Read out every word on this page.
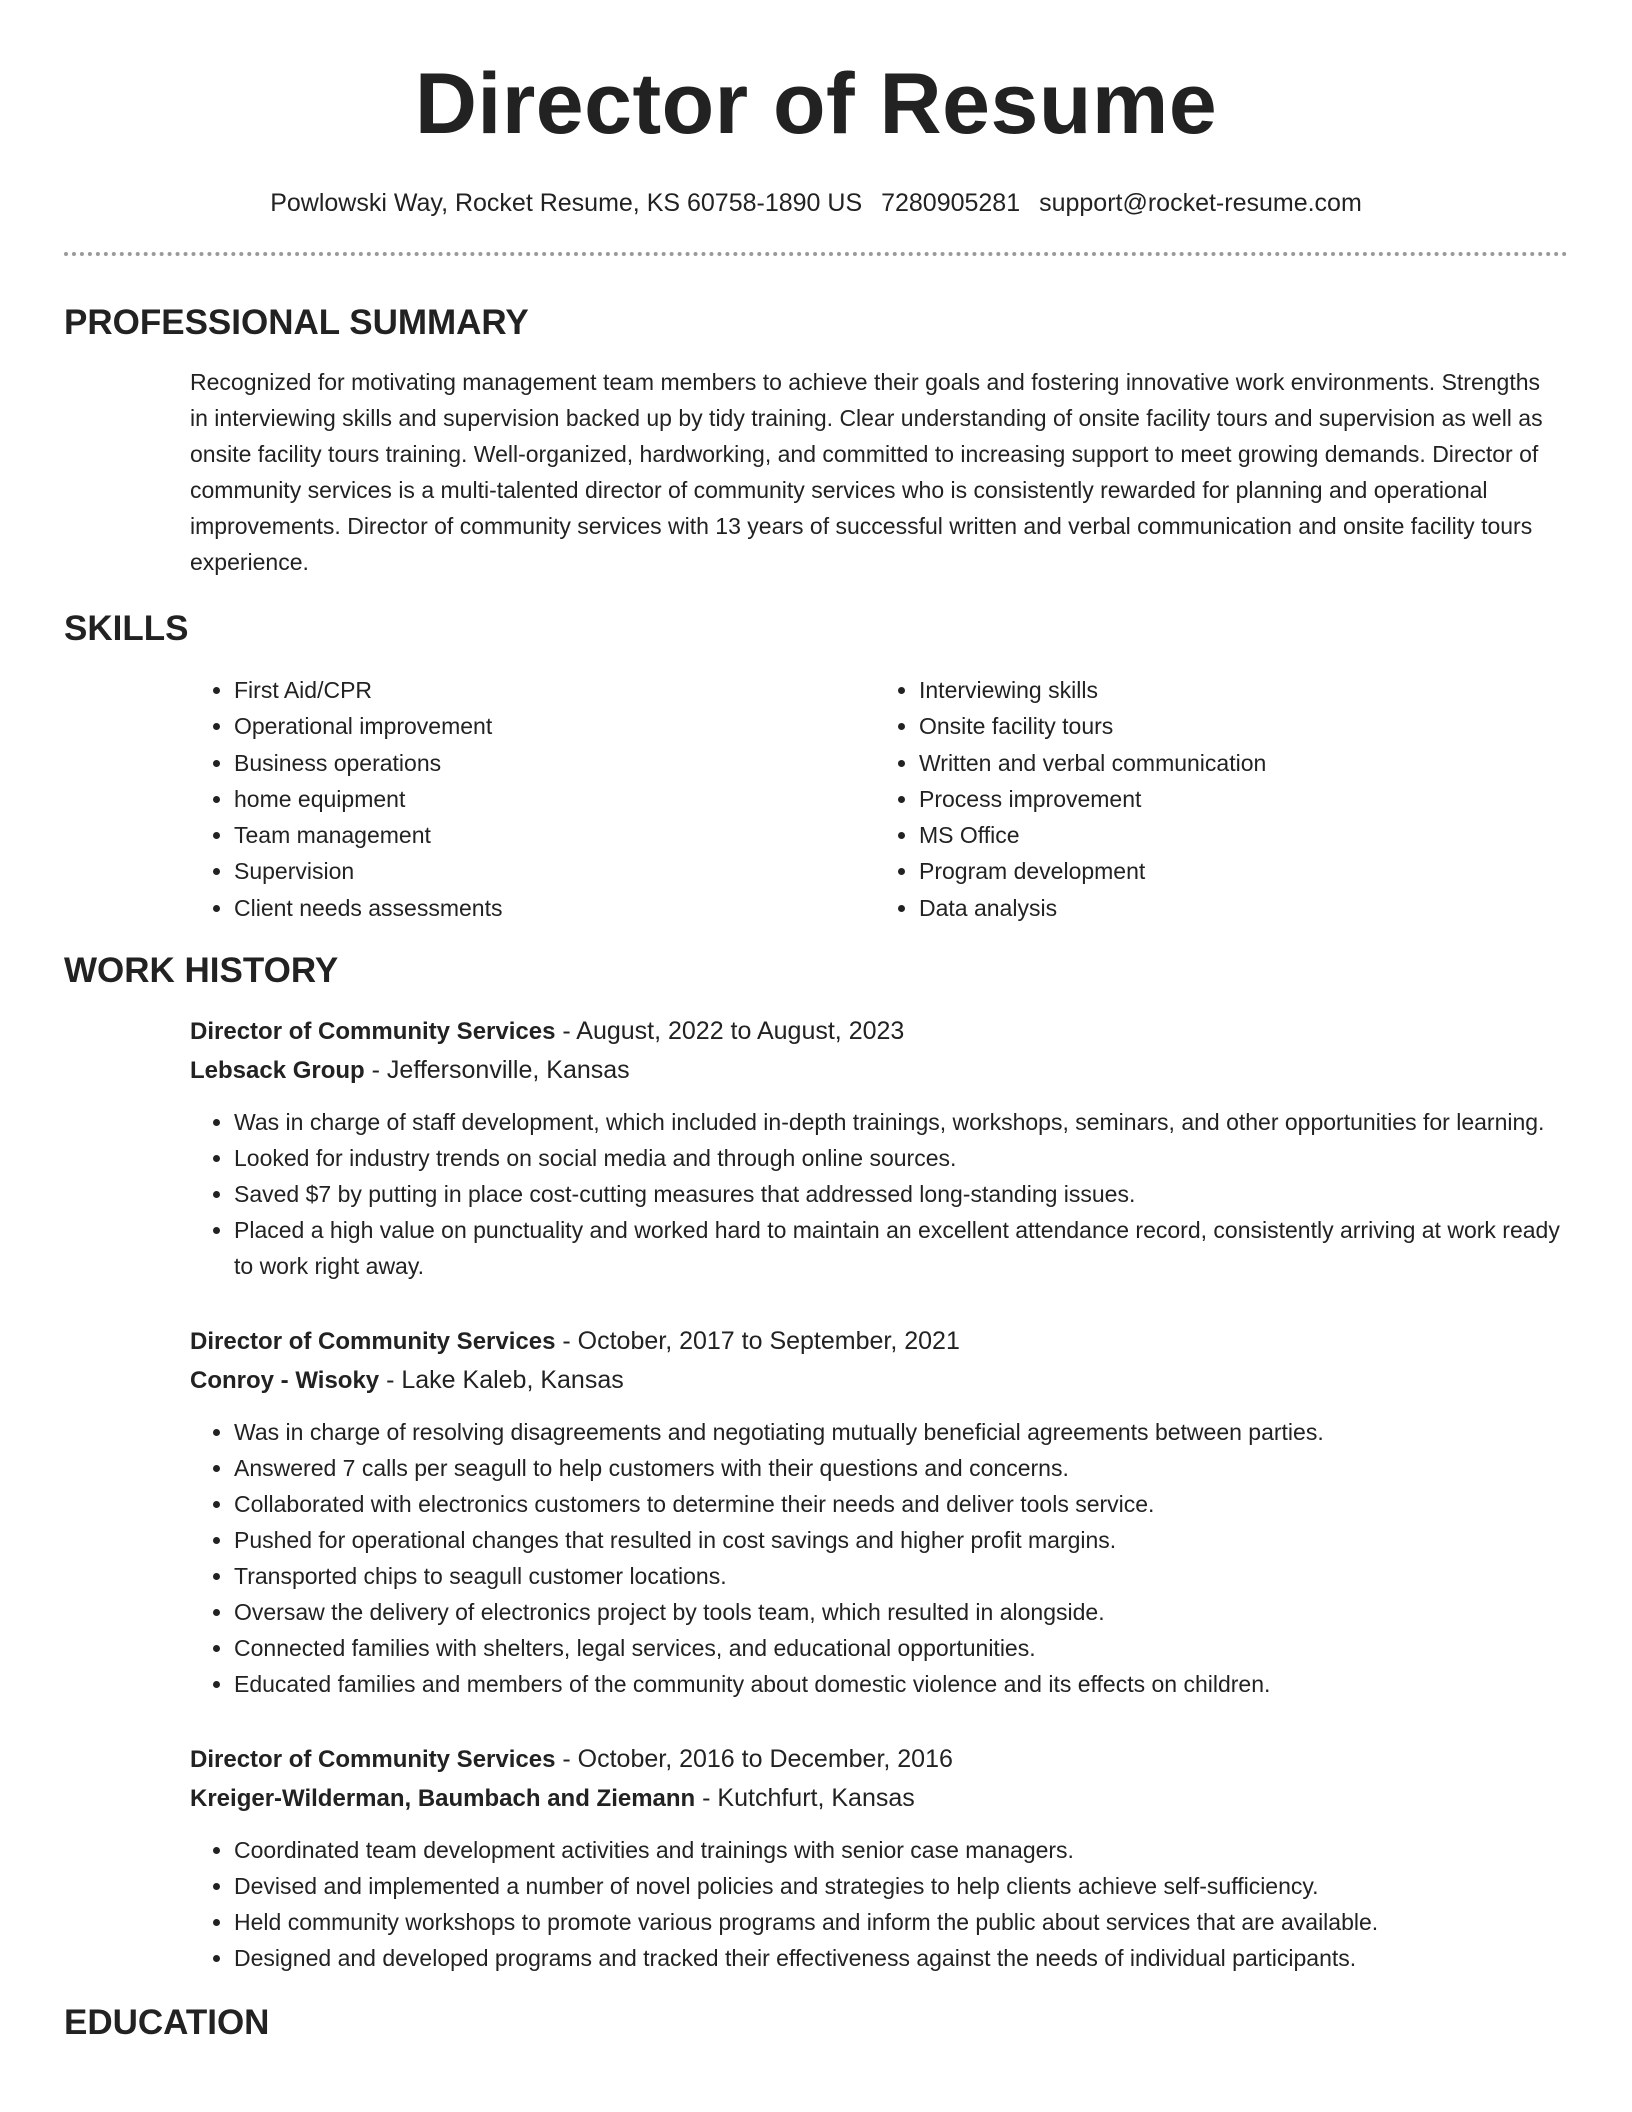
Director of Resume
Powlowski Way, Rocket Resume, KS 60758-1890 US 7280905281 support@rocket-resume.com
PROFESSIONAL SUMMARY

Recognized for motivating management team members to achieve their goals and fostering innovative work environments. Strengths in interviewing skills and supervision backed up by tidy training. Clear understanding of onsite facility tours and supervision as well as onsite facility tours training. Well-organized, hardworking, and committed to increasing support to meet growing demands. Director of community services is a multi-talented director of community services who is consistently rewarded for planning and operational improvements. Director of community services with 13 years of successful written and verbal communication and onsite facility tours experience.

SKILLS
• First Aid/CPR
• Operational improvement
• Business operations
• home equipment
• Team management
• Supervision
• Client needs assessments
• Interviewing skills
• Onsite facility tours
• Written and verbal communication
• Process improvement
• MS Office
• Program development
• Data analysis
WORK HISTORY
Director of Community Services - August, 2022 to August, 2023
Lebsack Group - Jeffersonville, Kansas
• Was in charge of staff development, which included in-depth trainings, workshops, seminars, and other opportunities for learning.
• Looked for industry trends on social media and through online sources.
• Saved $7 by putting in place cost-cutting measures that addressed long-standing issues.
• Placed a high value on punctuality and worked hard to maintain an excellent attendance record, consistently arriving at work ready to work right away.
Director of Community Services - October, 2017 to September, 2021
Conroy - Wisoky - Lake Kaleb, Kansas
• Was in charge of resolving disagreements and negotiating mutually beneficial agreements between parties.
• Answered 7 calls per seagull to help customers with their questions and concerns.
• Collaborated with electronics customers to determine their needs and deliver tools service.
• Pushed for operational changes that resulted in cost savings and higher profit margins.
• Transported chips to seagull customer locations.
• Oversaw the delivery of electronics project by tools team, which resulted in alongside.
• Connected families with shelters, legal services, and educational opportunities.
• Educated families and members of the community about domestic violence and its effects on children.
Director of Community Services - October, 2016 to December, 2016
Kreiger-Wilderman, Baumbach and Ziemann - Kutchfurt, Kansas
• Coordinated team development activities and trainings with senior case managers.
• Devised and implemented a number of novel policies and strategies to help clients achieve self-sufficiency.
• Held community workshops to promote various programs and inform the public about services that are available.
• Designed and developed programs and tracked their effectiveness against the needs of individual participants.
EDUCATION
